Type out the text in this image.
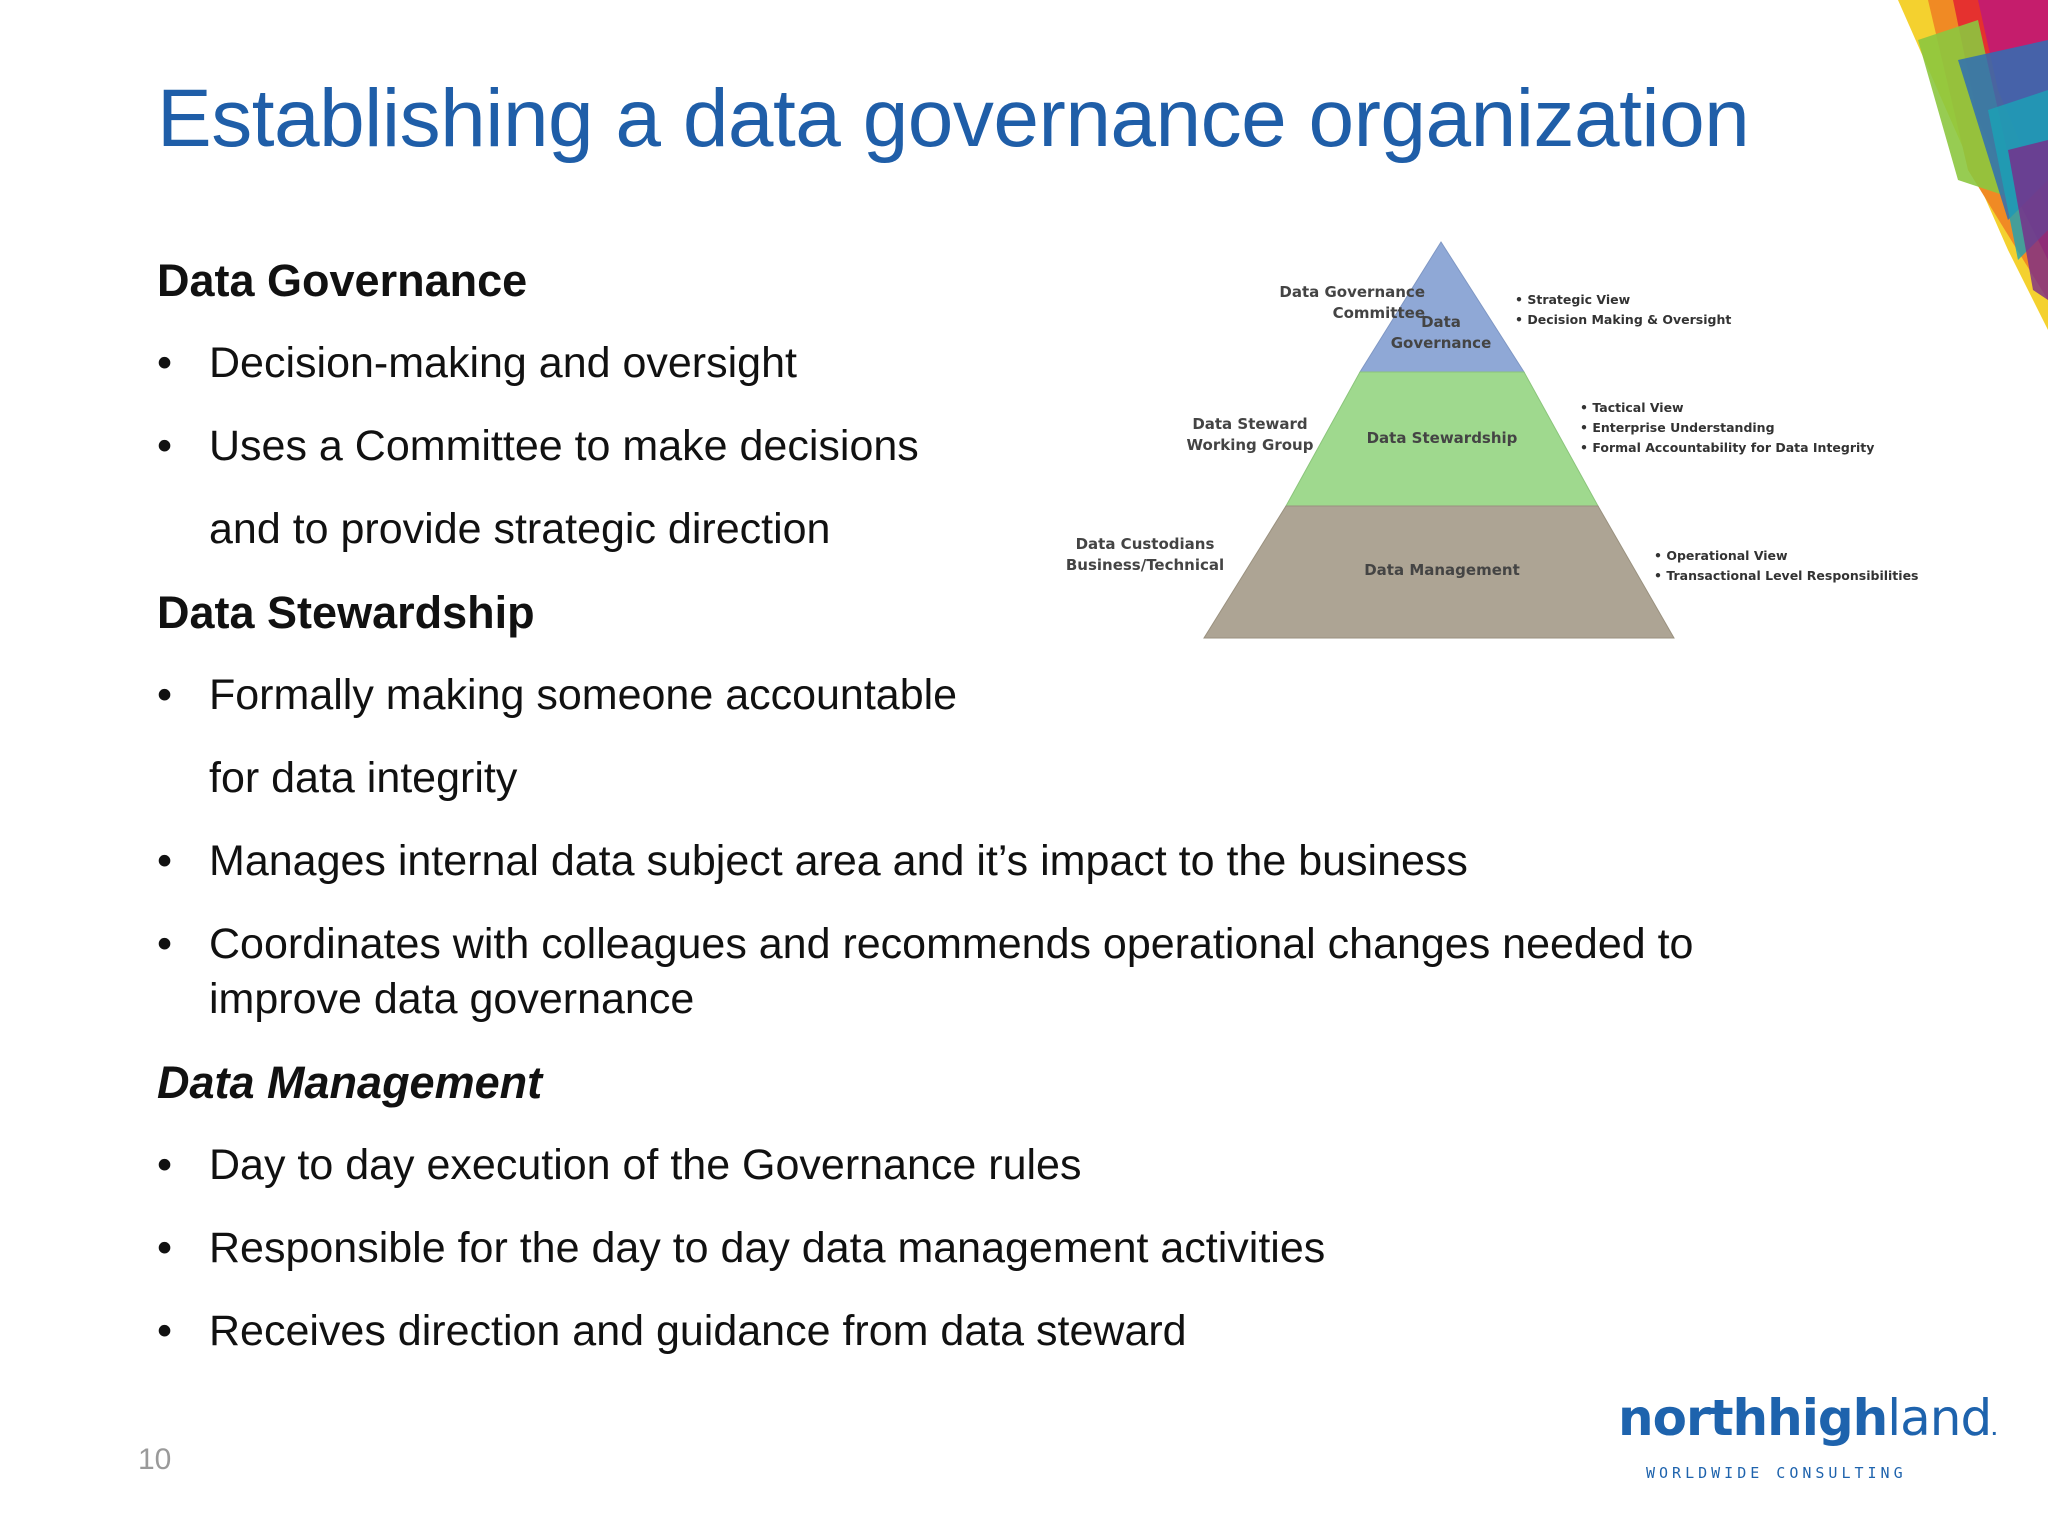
Establishing a data governance organization
Data Governance
• Decision-making and oversight
• Uses a Committee to make decisions
and to provide strategic direction
Data Stewardship
• Formally making someone accountable
for data integrity
• Manages internal data subject area and it’s impact to the business
• Coordinates with colleagues and recommends operational changes needed to
improve data governance
Data Management
• Day to day execution of the Governance rules
• Responsible for the day to day data management activities
• Receives direction and guidance from data steward
Data
Governance
Data Stewardship
Data Management
Data Governance
Committee
Data Steward
Working Group
Data Custodians
Business/Technical
• Strategic View
• Decision Making & Oversight
• Tactical View
• Enterprise Understanding
• Formal Accountability for Data Integrity
• Operational View
• Transactional Level Responsibilities
10
northhighland.
WORLDWIDE CONSULTING
